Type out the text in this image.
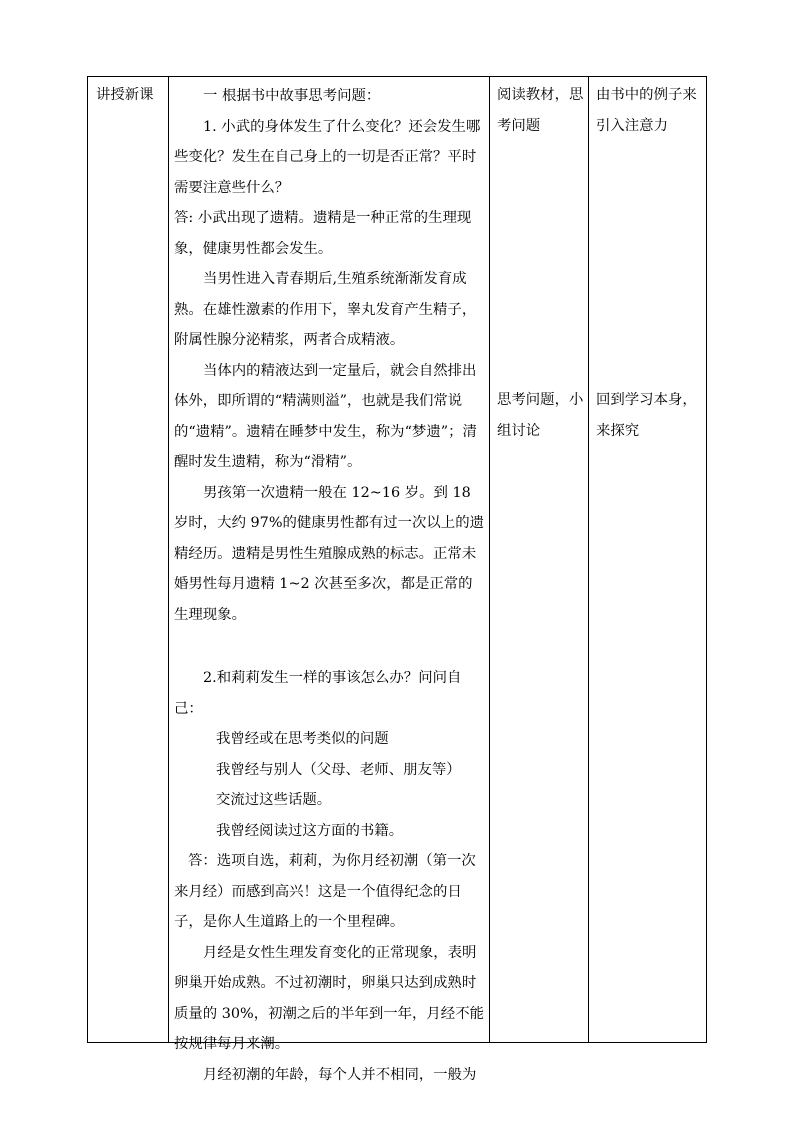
讲授新课	一 根据书中故事思考问题：
1. 小武的身体发生了什么变化？还会发生哪些变化？发生在自己身上的一切是否正常？平时需要注意些什么？
答: 小武出现了遗精。遗精是一种正常的生理现象，健康男性都会发生。
当男性进入青春期后,生殖系统渐渐发育成熟。在雄性激素的作用下，睾丸发育产生精子，附属性腺分泌精浆，两者合成精液。
当体内的精液达到一定量后，就会自然排出体外，即所谓的“精满则溢”，也就是我们常说的“遗精”。遗精在睡梦中发生，称为“梦遗”；清醒时发生遗精，称为“滑精”。
男孩第一次遗精一般在 12~16 岁。到 18 岁时，大约 97%的健康男性都有过一次以上的遗精经历。遗精是男性生殖腺成熟的标志。正常未婚男性每月遗精 1~2 次甚至多次，都是正常的生理现象。
2.和莉莉发生一样的事该怎么办？问问自己：
我曾经或在思考类似的问题
我曾经与别人（父母、老师、朋友等）
交流过这些话题。
我曾经阅读过这方面的书籍。
答：选项自选，莉莉，为你月经初潮（第一次来月经）而感到高兴！这是一个值得纪念的日子，是你人生道路上的一个里程碑。
月经是女性生理发育变化的正常现象，表明卵巢开始成熟。不过初潮时，卵巢只达到成熟时质量的 30%，初潮之后的半年到一年，月经不能按规律每月来潮。
月经初潮的年龄，每个人并不相同，一般为
阅读教材，思考问题
思考问题，小组讨论
由书中的例子来引入注意力
回到学习本身，来探究
